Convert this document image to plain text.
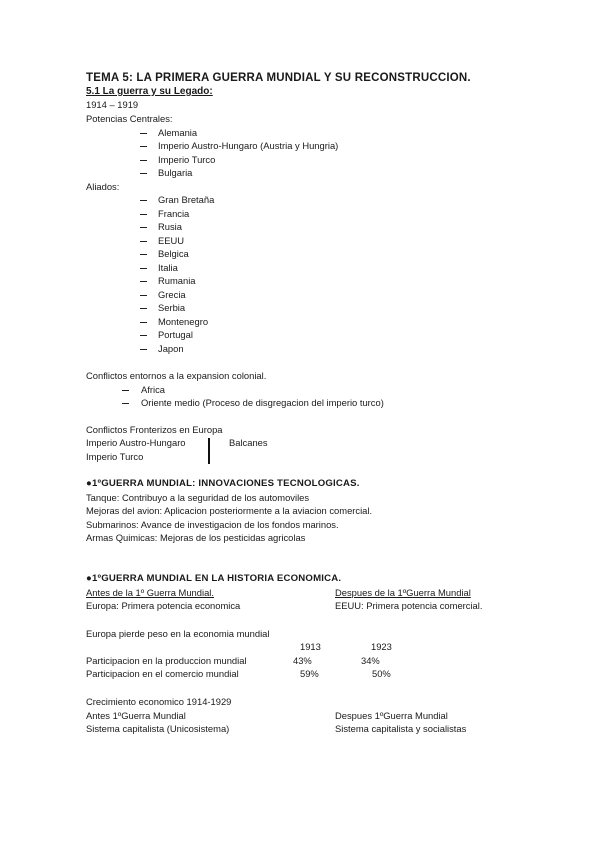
TEMA 5: LA PRIMERA GUERRA MUNDIAL Y SU RECONSTRUCCION.
5.1 La guerra y su Legado:
1914 – 1919
Potencias Centrales:
Alemania
Imperio Austro-Hungaro (Austria y Hungria)
Imperio Turco
Bulgaria
Aliados:
Gran Bretaña
Francia
Rusia
EEUU
Belgica
Italia
Rumania
Grecia
Serbia
Montenegro
Portugal
Japon
Conflictos entornos a la expansion colonial.
Africa
Oriente medio (Proceso de disgregacion del imperio turco)
Conflictos Fronterizos en Europa
Imperio Austro-Hungaro
Imperio Turco
Balcanes
●1ºGUERRA MUNDIAL: INNOVACIONES TECNOLOGICAS.
Tanque: Contribuyo a la seguridad de los automoviles
Mejoras del avion: Aplicacion posteriormente a la aviacion comercial.
Submarinos: Avance de investigacion de los fondos marinos.
Armas Quimicas: Mejoras de los pesticidas agricolas
●1ºGUERRA MUNDIAL EN LA HISTORIA ECONOMICA.
Antes de la 1º Guerra Mundial.	Despues de la 1ºGuerra Mundial
Europa: Primera potencia economica	EEUU: Primera potencia comercial.
Europa pierde peso en la economia mundial
1913	1923
Participacion en la produccion mundial	43%	34%
Participacion en el comercio mundial	59%	50%
Crecimiento economico 1914-1929
Antes 1ºGuerra Mundial	Despues 1ºGuerra Mundial
Sistema capitalista (Unicosistema)	Sistema capitalista y socialistas
